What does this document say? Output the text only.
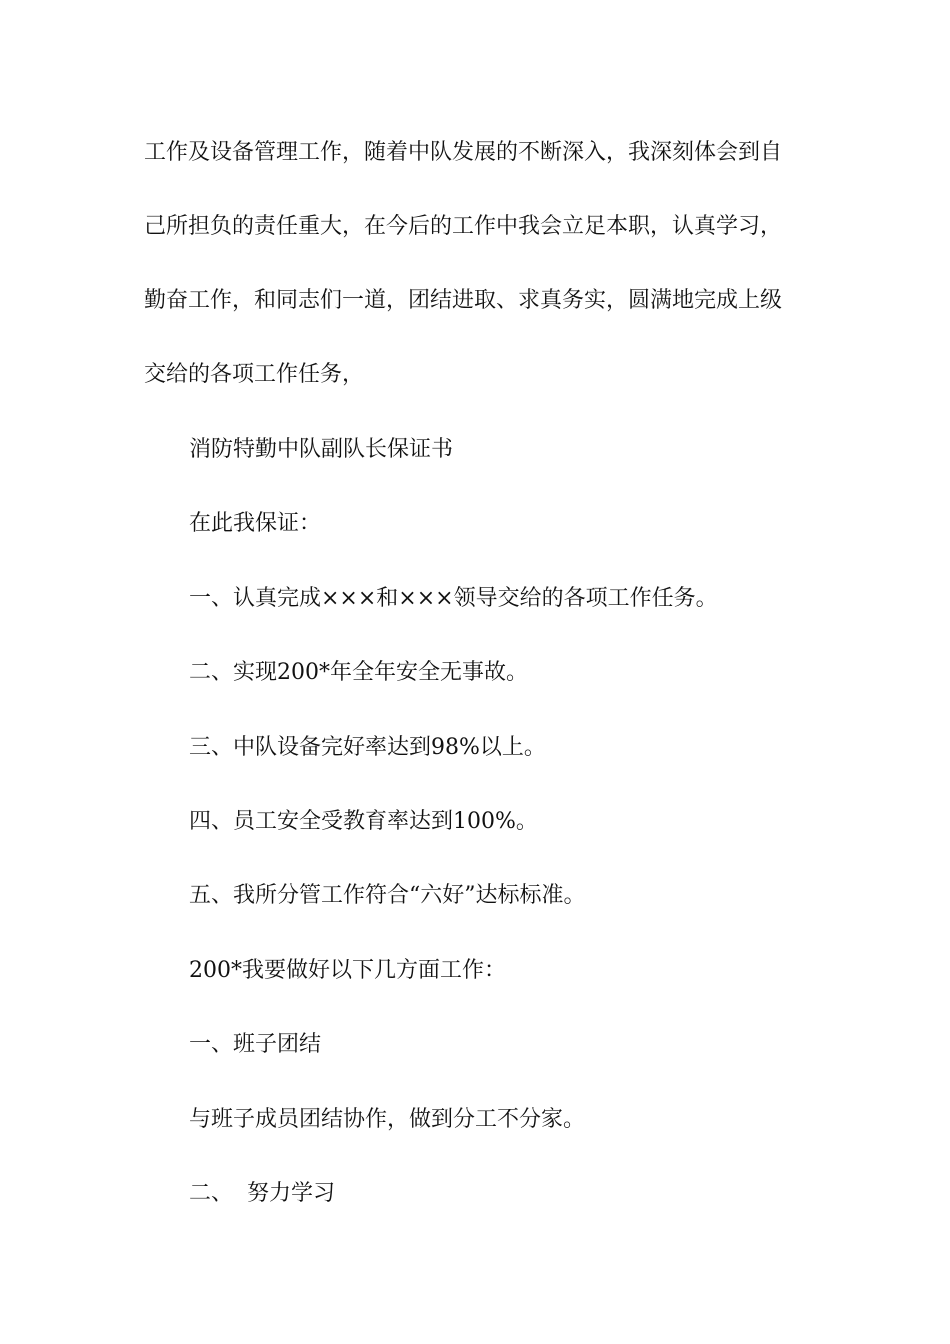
工作及设备管理工作，随着中队发展的不断深入，我深刻体会到自
己所担负的责任重大，在今后的工作中我会立足本职，认真学习，
勤奋工作，和同志们一道，团结进取、求真务实，圆满地完成上级
交给的各项工作任务，
消防特勤中队副队长保证书
在此我保证：
一、认真完成×××和×××领导交给的各项工作任务。
二、实现200*年全年安全无事故。
三、中队设备完好率达到98%以上。
四、员工安全受教育率达到100%。
五、我所分管工作符合“六好”达标标准。
200*我要做好以下几方面工作：
一、班子团结
与班子成员团结协作，做到分工不分家。
二、  努力学习
